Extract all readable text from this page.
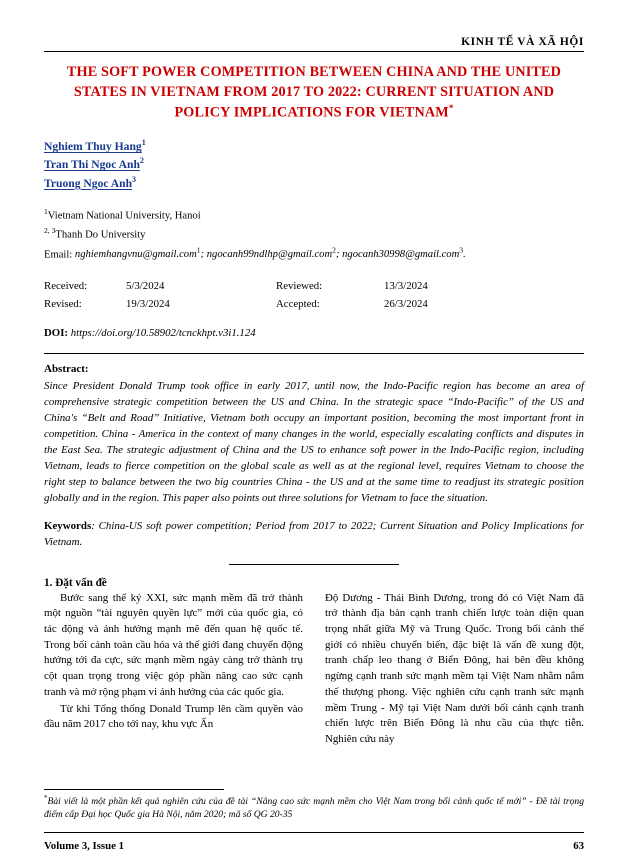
KINH TẾ VÀ XÃ HỘI
THE SOFT POWER COMPETITION BETWEEN CHINA AND THE UNITED STATES IN VIETNAM FROM 2017 TO 2022: CURRENT SITUATION AND POLICY IMPLICATIONS FOR VIETNAM*
Nghiem Thuy Hang$^1$
Tran Thi Ngoc Anh$^2$
Truong Ngoc Anh$^3$
$^1$Vietnam National University, Hanoi
$^{2, 3}$Thanh Do University
Email: nghiemhangvnu@gmail.com$^1$; ngocanh99ndlhp@gmail.com$^2$; ngocanh30998@gmail.com$^3$.
Received:	5/3/2024	Reviewed:	13/3/2024
Revised:	19/3/2024	Accepted:	26/3/2024
DOI: https://doi.org/10.58902/tcnckhpt.v3i1.124
Abstract:
Since President Donald Trump took office in early 2017, until now, the Indo-Pacific region has become an area of comprehensive strategic competition between the US and China. In the strategic space “Indo-Pacific” of the US and China's “Belt and Road” Initiative, Vietnam both occupy an important position, becoming the most important front in competition. China - America in the context of many changes in the world, especially escalating conflicts and disputes in the East Sea. The strategic adjustment of China and the US to enhance soft power in the Indo-Pacific region, including Vietnam, leads to fierce competition on the global scale as well as at the regional level, requires Vietnam to choose the right step to balance between the two big countries China - the US and at the same time to readjust its strategic position globally and in the region. This paper also points out three solutions for Vietnam to face the situation.
Keywords: China-US soft power competition; Period from 2017 to 2022; Current Situation and Policy Implications for Vietnam.
1. Đặt vấn đề

Bước sang thế kỷ XXI, sức mạnh mềm đã trở thành một nguồn “tài nguyên quyền lực” mới của quốc gia, có tác động và ảnh hưởng mạnh mẽ đến quan hệ quốc tế. Trong bối cảnh toàn cầu hóa và thế giới đang chuyển động hướng tới đa cực, sức mạnh mềm ngày càng trở thành trụ cột quan trọng trong việc góp phần nâng cao sức cạnh tranh và mở rộng phạm vi ảnh hưởng của các quốc gia.

Từ khi Tổng thống Donald Trump lên cầm quyền vào đầu năm 2017 cho tới nay, khu vực Ấn

Độ Dương - Thái Bình Dương, trong đó có Việt Nam đã trở thành địa bàn cạnh tranh chiến lược toàn diện quan trọng nhất giữa Mỹ và Trung Quốc. Trong bối cảnh thế giới có nhiều chuyển biến, đặc biệt là vấn đề xung đột, tranh chấp leo thang ở Biển Đông, hai bên đều không ngừng cạnh tranh sức mạnh mềm tại Việt Nam nhằm nắm thế thượng phong. Việc nghiên cứu cạnh tranh sức mạnh mềm Trung - Mỹ tại Việt Nam dưới bối cảnh cạnh tranh chiến lược trên Biển Đông là nhu cầu của thực tiễn. Nghiên cứu này

*Bài viết là một phần kết quả nghiên cứu của đề tài “Nâng cao sức mạnh mềm cho Việt Nam trong bối cảnh quốc tế mới” - Đề tài trọng điểm cấp Đại học Quốc gia Hà Nội, năm 2020; mã số QG 20-35
Volume 3, Issue 1	63
